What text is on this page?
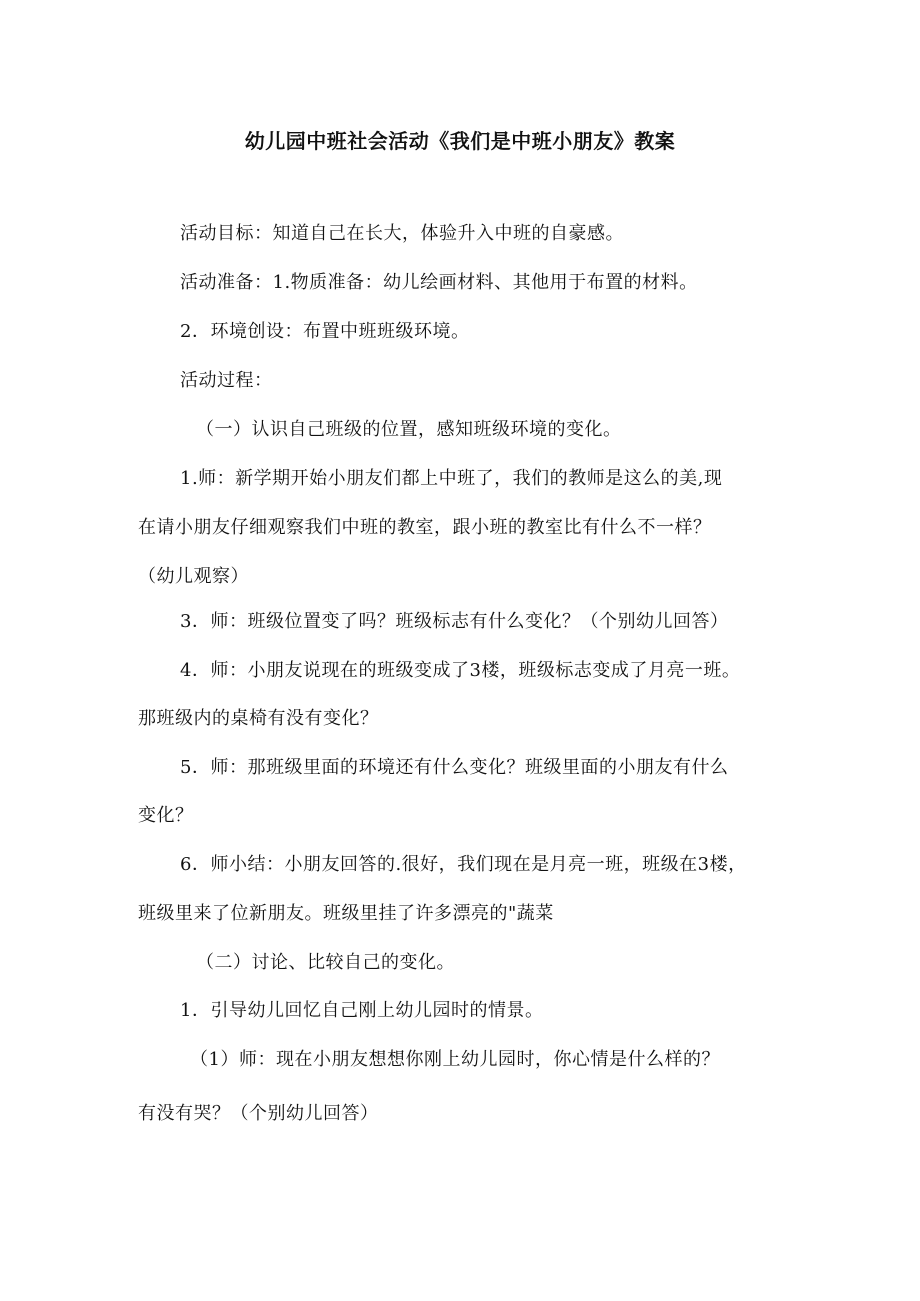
幼儿园中班社会活动《我们是中班小朋友》教案
活动目标：知道自己在长大，体验升入中班的自豪感。
活动准备：1.物质准备：幼儿绘画材料、其他用于布置的材料。
2．环境创设：布置中班班级环境。
活动过程：
（一）认识自己班级的位置，感知班级环境的变化。
1.师：新学期开始小朋友们都上中班了，我们的教师是这么的美,现
在请小朋友仔细观察我们中班的教室，跟小班的教室比有什么不一样？
（幼儿观察）
3．师：班级位置变了吗？班级标志有什么变化？（个别幼儿回答）
4．师：小朋友说现在的班级变成了3楼，班级标志变成了月亮一班。
那班级内的桌椅有没有变化？
5．师：那班级里面的环境还有什么变化？班级里面的小朋友有什么
变化？
6．师小结：小朋友回答的.很好，我们现在是月亮一班，班级在3楼，
班级里来了位新朋友。班级里挂了许多漂亮的"蔬菜
（二）讨论、比较自己的变化。
1．引导幼儿回忆自己刚上幼儿园时的情景。
（1）师：现在小朋友想想你刚上幼儿园时，你心情是什么样的？
有没有哭？（个别幼儿回答）
